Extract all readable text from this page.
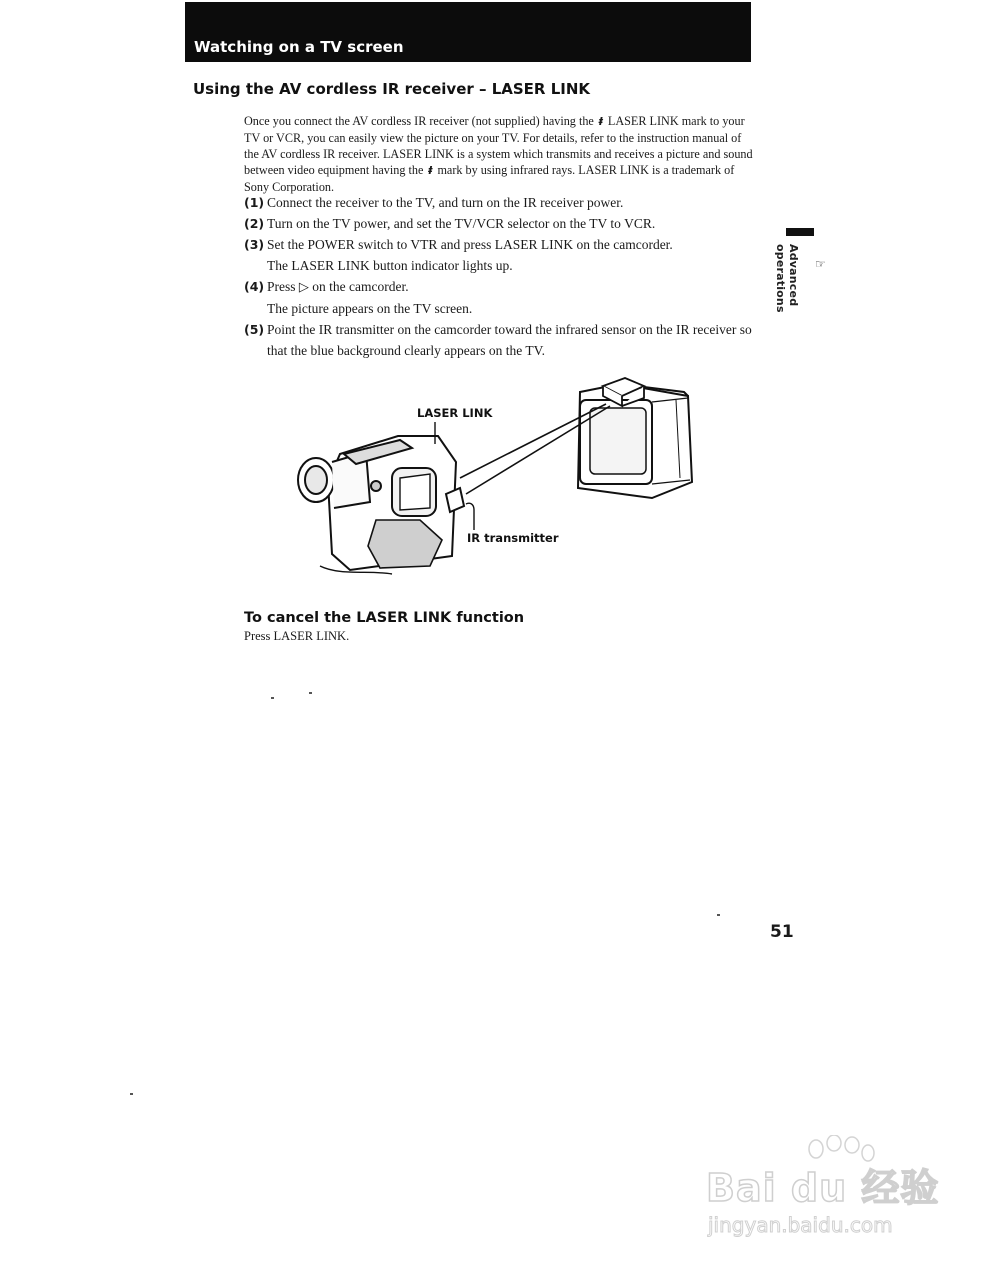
Watching on a TV screen
Using the AV cordless IR receiver – LASER LINK

Once you connect the AV cordless IR receiver (not supplied) having the ⱡ LASER LINK mark to your TV or VCR, you can easily view the picture on your TV. For details, refer to the instruction manual of the AV cordless IR receiver. LASER LINK is a system which transmits and receives a picture and sound between video equipment having the ⱡ mark by using infrared rays. LASER LINK is a trademark of Sony Corporation.

(1) Connect the receiver to the TV, and turn on the IR receiver power.
(2) Turn on the TV power, and set the TV/VCR selector on the TV to VCR.
(3) Set the POWER switch to VTR and press LASER LINK on the camcorder.
The LASER LINK button indicator lights up.
(4) Press ▷ on the camcorder.
The picture appears on the TV screen.
(5) Point the IR transmitter on the camcorder toward the infrared sensor on the IR receiver so that the blue background clearly appears on the TV.
Advanced operations	☞
LASER LINK
IR transmitter
To cancel the LASER LINK function
Press LASER LINK.
51
Bai du 经验
jingyan.baidu.com
